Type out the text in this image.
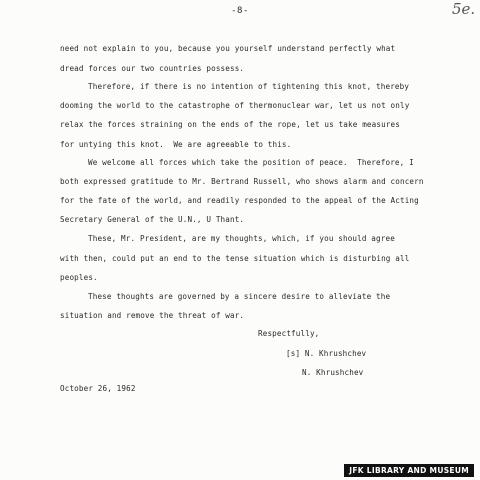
-8-	5e.
need not explain to you, because you yourself understand perfectly what
dread forces our two countries possess.
Therefore, if there is no intention of tightening this knot, thereby
dooming the world to the catastrophe of thermonuclear war, let us not only
relax the forces straining on the ends of the rope, let us take measures
for untying this knot.  We are agreeable to this.
We welcome all forces which take the position of peace.  Therefore, I
both expressed gratitude to Mr. Bertrand Russell, who shows alarm and concern
for the fate of the world, and readily responded to the appeal of the Acting
Secretary General of the U.N., U Thant.
These, Mr. President, are my thoughts, which, if you should agree
with then, could put an end to the tense situation which is disturbing all
peoples.
These thoughts are governed by a sincere desire to alleviate the
situation and remove the threat of war.
Respectfully,
[s] N. Khrushchev
N. Khrushchev
October 26, 1962
JFK LIBRARY AND MUSEUM
